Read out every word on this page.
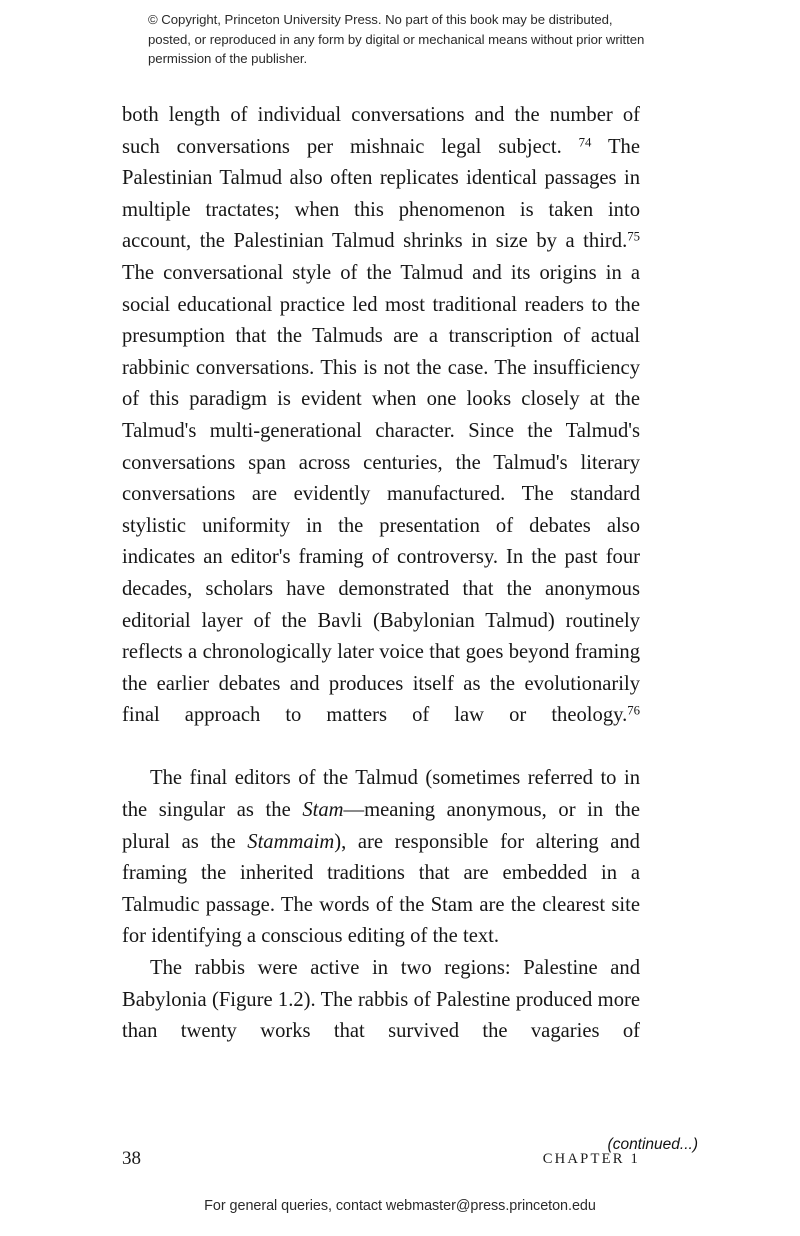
© Copyright, Princeton University Press. No part of this book may be distributed, posted, or reproduced in any form by digital or mechanical means without prior written permission of the publisher.

both length of individual conversations and the number of such conversations per mishnaic legal subject. $^{74}$ The Palestinian Talmud also often replicates identical passages in multiple tractates; when this phenomenon is taken into account, the Palestinian Talmud shrinks in size by a third.$^{75}$ The conversational style of the Talmud and its origins in a social educational practice led most traditional readers to the presumption that the Talmuds are a transcription of actual rabbinic conversations. This is not the case. The insufficiency of this paradigm is evident when one looks closely at the Talmud's multi-generational character. Since the Talmud's conversations span across centuries, the Talmud's literary conversations are evidently manufactured. The standard stylistic uniformity in the presentation of debates also indicates an editor's framing of controversy. In the past four decades, scholars have demonstrated that the anonymous editorial layer of the Bavli (Babylonian Talmud) routinely reflects a chronologically later voice that goes beyond framing the earlier debates and produces itself as the evolutionarily final approach to matters of law or theology.$^{76}$

The final editors of the Talmud (sometimes referred to in the singular as the Stam—meaning anonymous, or in the plural as the Stammaim), are responsible for altering and framing the inherited traditions that are embedded in a Talmudic passage. The words of the Stam are the clearest site for identifying a conscious editing of the text.

The rabbis were active in two regions: Palestine and Babylonia (Figure 1.2). The rabbis of Palestine produced more than twenty works that survived the vagaries of

38	CHAPTER 1
(continued...)
For general queries, contact webmaster@press.princeton.edu
